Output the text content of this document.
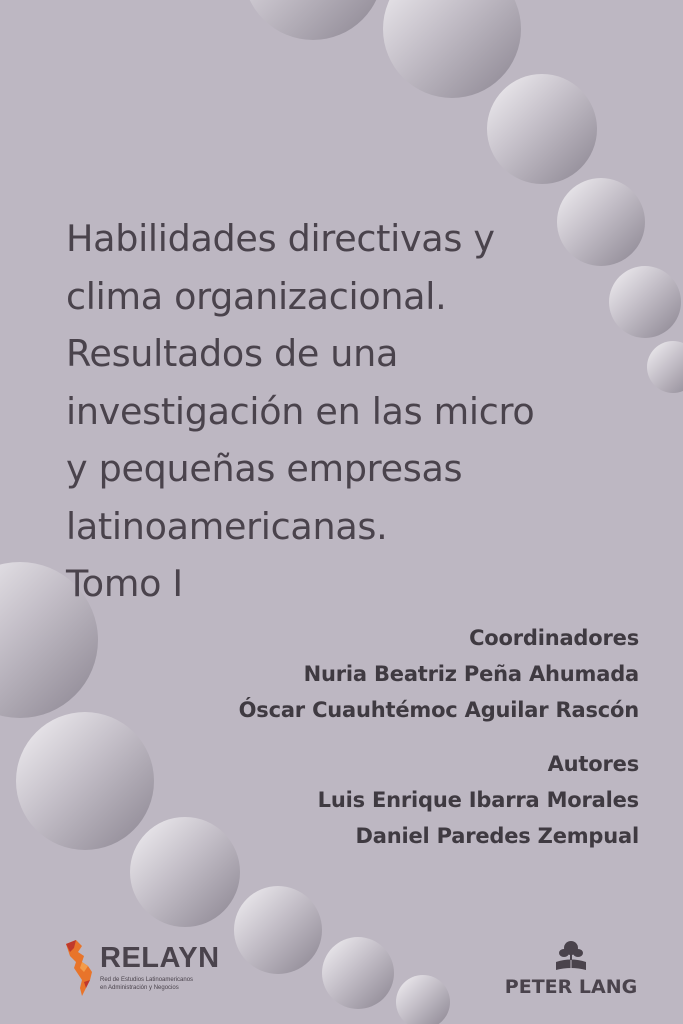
Habilidades directivas y
clima organizacional.
Resultados de una
investigación en las micro
y pequeñas empresas
latinoamericanas.
Tomo I
Coordinadores
Nuria Beatriz Peña Ahumada
Óscar Cuauhtémoc Aguilar Rascón
Autores
Luis Enrique Ibarra Morales
Daniel Paredes Zempual
RELAYN
Red de Estudios Latinoamericanos
en Administración y Negocios	PETER LANG
